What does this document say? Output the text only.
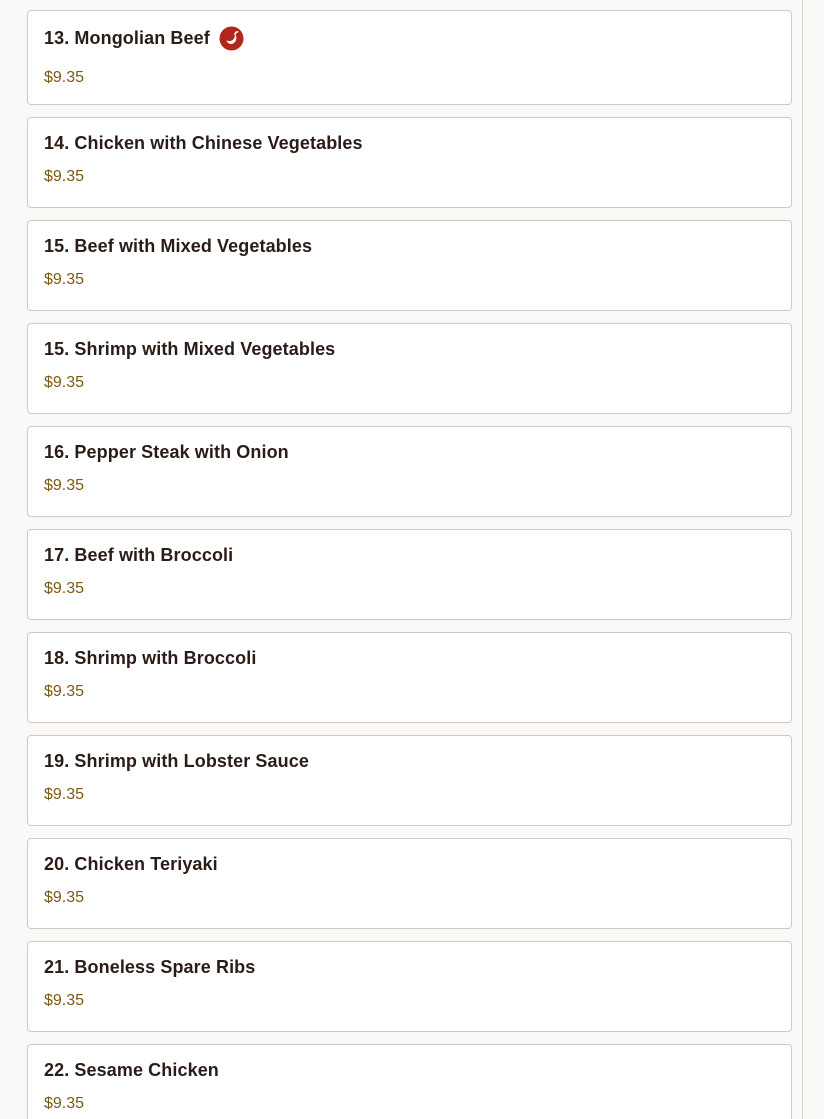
13. Mongolian Beef
$9.35
14. Chicken with Chinese Vegetables
$9.35
15. Beef with Mixed Vegetables
$9.35
15. Shrimp with Mixed Vegetables
$9.35
16. Pepper Steak with Onion
$9.35
17. Beef with Broccoli
$9.35
18. Shrimp with Broccoli
$9.35
19. Shrimp with Lobster Sauce
$9.35
20. Chicken Teriyaki
$9.35
21. Boneless Spare Ribs
$9.35
22. Sesame Chicken
$9.35
